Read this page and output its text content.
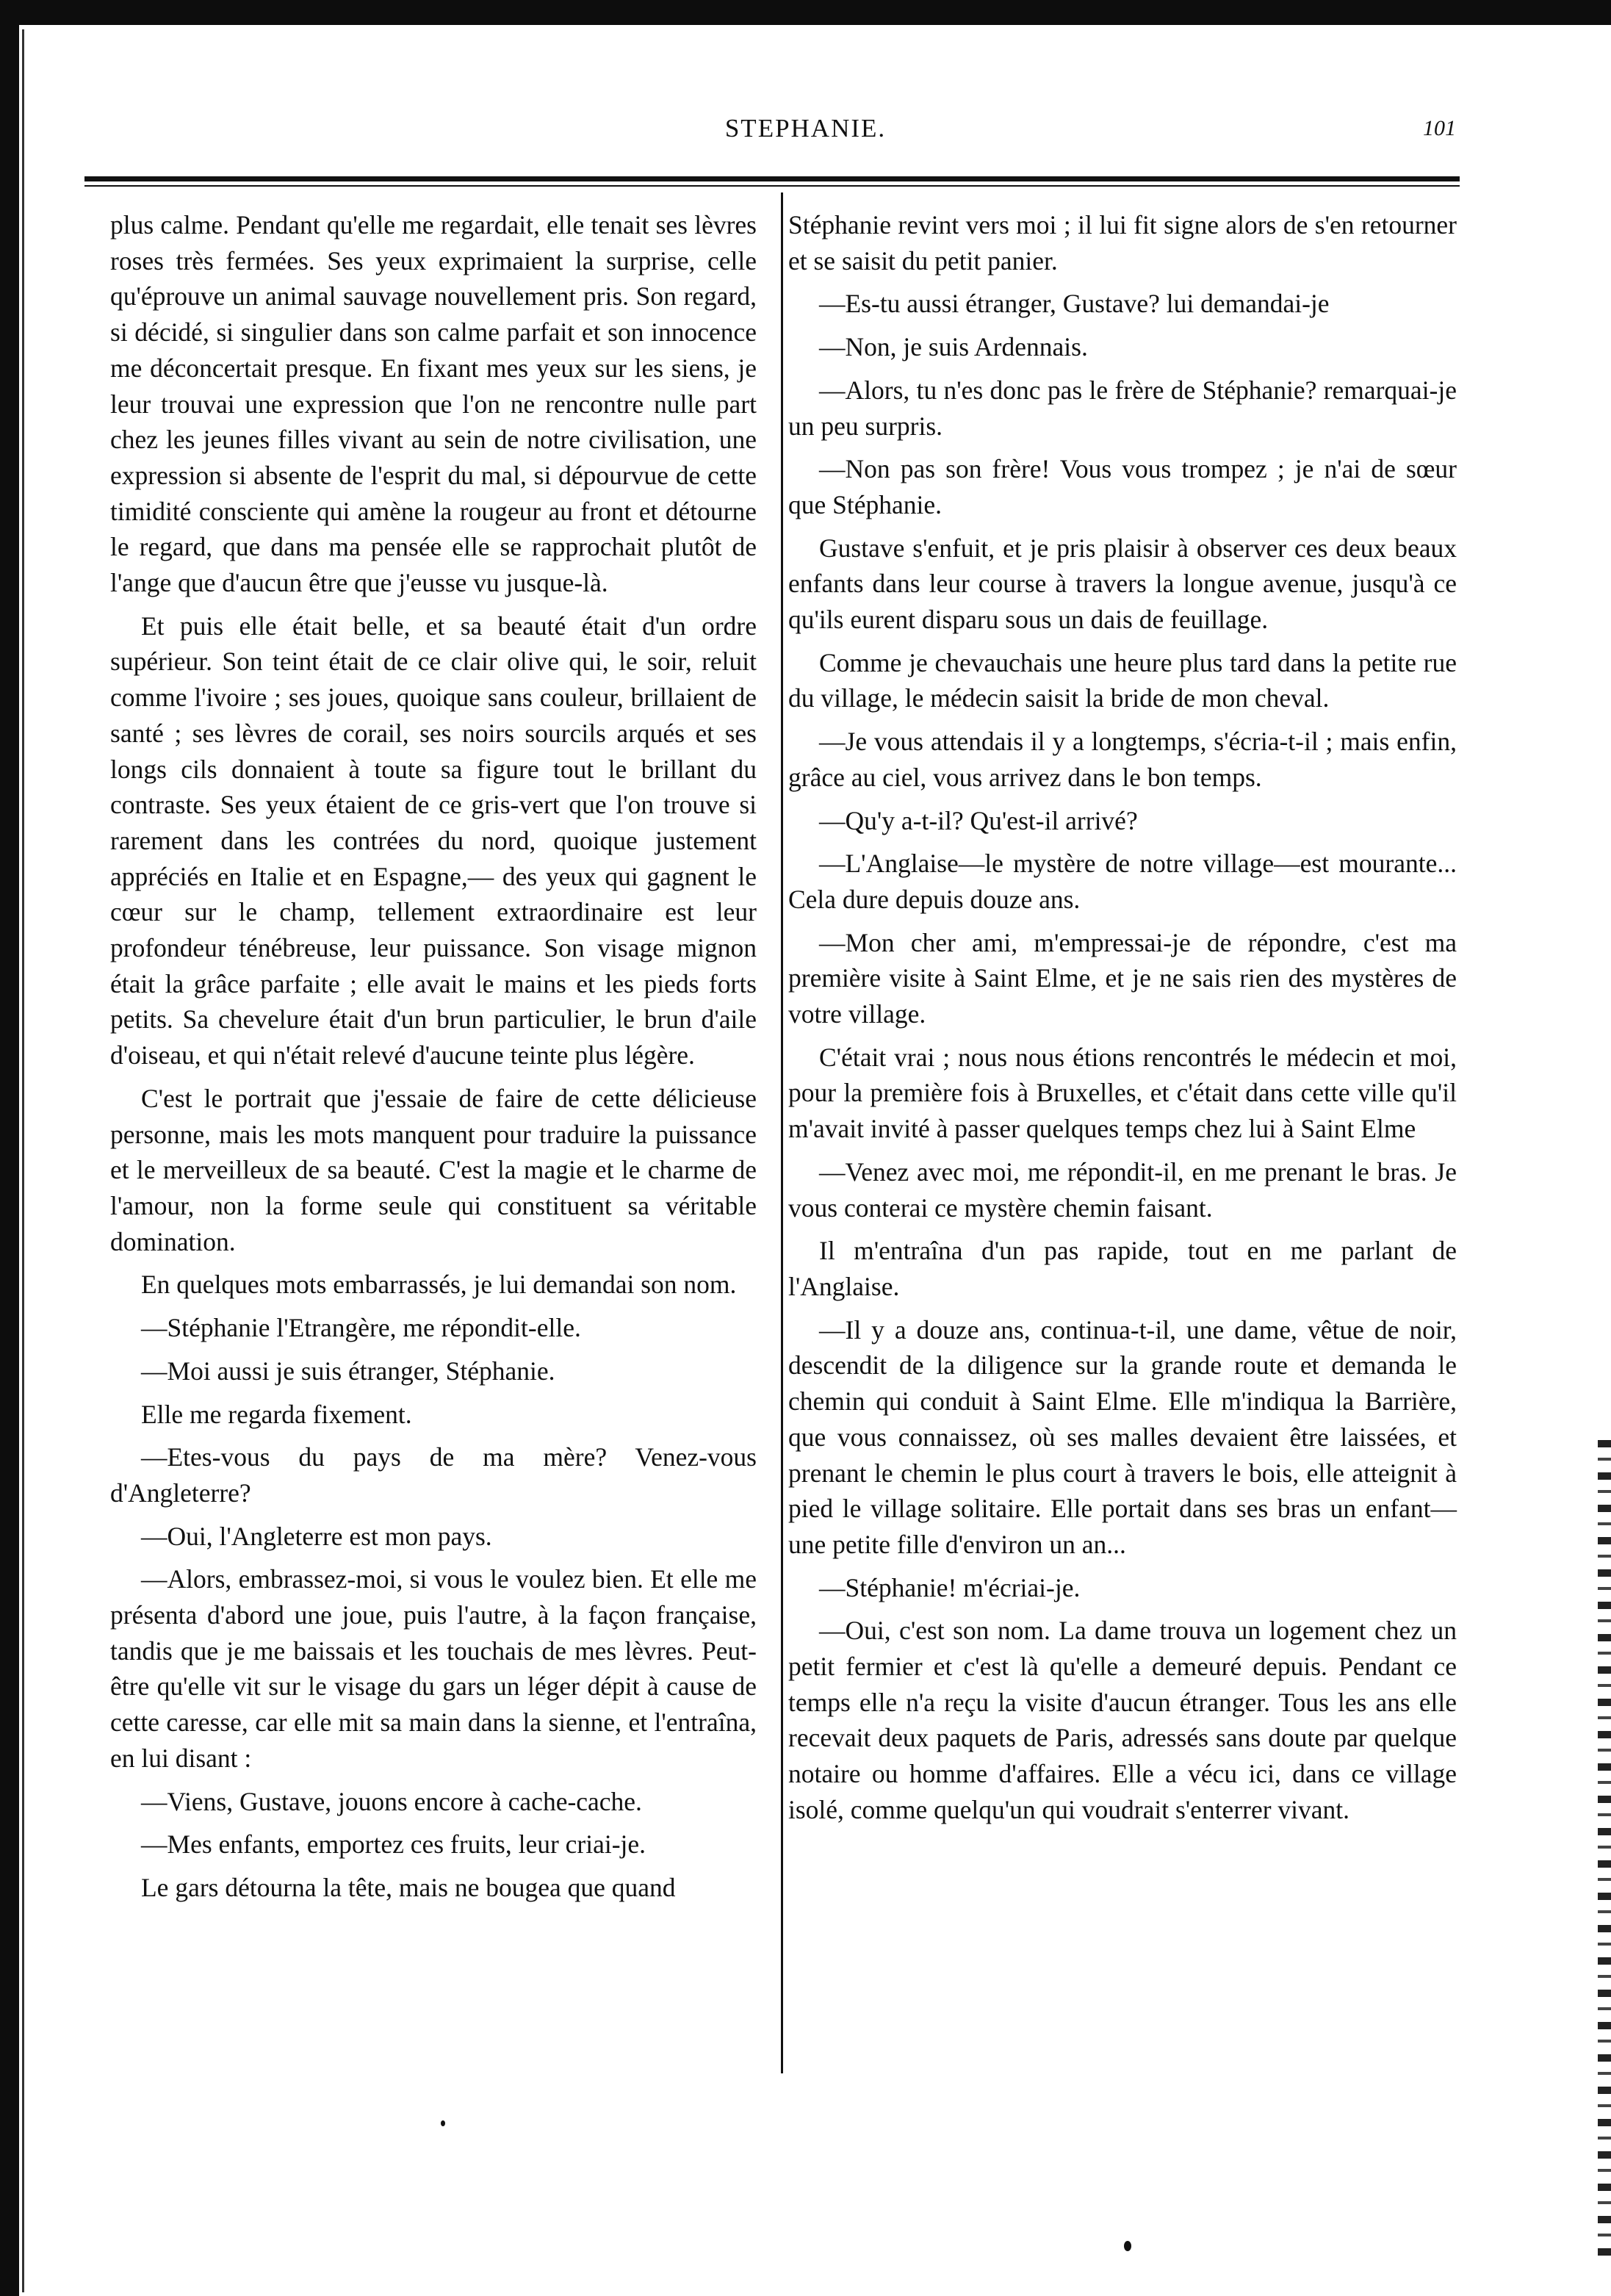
STEPHANIE.	101

plus calme. Pendant qu'elle me regardait, elle tenait ses lèvres roses très fermées. Ses yeux exprimaient la surprise, celle qu'éprouve un animal sauvage nouvellement pris. Son regard, si décidé, si singulier dans son calme parfait et son innocence me déconcertait presque. En fixant mes yeux sur les siens, je leur trouvai une expression que l'on ne rencontre nulle part chez les jeunes filles vivant au sein de notre civilisation, une expression si absente de l'esprit du mal, si dépourvue de cette timidité consciente qui amène la rougeur au front et détourne le regard, que dans ma pensée elle se rapprochait plutôt de l'ange que d'aucun être que j'eusse vu jusque-là.

Et puis elle était belle, et sa beauté était d'un ordre supérieur. Son teint était de ce clair olive qui, le soir, reluit comme l'ivoire ; ses joues, quoique sans couleur, brillaient de santé ; ses lèvres de corail, ses noirs sourcils arqués et ses longs cils donnaient à toute sa figure tout le brillant du contraste. Ses yeux étaient de ce gris-vert que l'on trouve si rarement dans les contrées du nord, quoique justement appréciés en Italie et en Espagne,— des yeux qui gagnent le cœur sur le champ, tellement extraordinaire est leur profondeur ténébreuse, leur puissance. Son visage mignon était la grâce parfaite ; elle avait le mains et les pieds forts petits. Sa chevelure était d'un brun particulier, le brun d'aile d'oiseau, et qui n'était relevé d'aucune teinte plus légère.

C'est le portrait que j'essaie de faire de cette délicieuse personne, mais les mots manquent pour traduire la puissance et le merveilleux de sa beauté. C'est la magie et le charme de l'amour, non la forme seule qui constituent sa véritable domination.

En quelques mots embarrassés, je lui demandai son nom.

—Stéphanie l'Etrangère, me répondit-elle.

—Moi aussi je suis étranger, Stéphanie.

Elle me regarda fixement.

—Etes-vous du pays de ma mère? Venez-vous d'Angleterre?

—Oui, l'Angleterre est mon pays.

—Alors, embrassez-moi, si vous le voulez bien. Et elle me présenta d'abord une joue, puis l'autre, à la façon française, tandis que je me baissais et les touchais de mes lèvres. Peut-être qu'elle vit sur le visage du gars un léger dépit à cause de cette caresse, car elle mit sa main dans la sienne, et l'entraîna, en lui disant :

—Viens, Gustave, jouons encore à cache-cache.

—Mes enfants, emportez ces fruits, leur criai-je.

Le gars détourna la tête, mais ne bougea que quand

Stéphanie revint vers moi ; il lui fit signe alors de s'en retourner et se saisit du petit panier.

—Es-tu aussi étranger, Gustave? lui demandai-je

—Non, je suis Ardennais.

—Alors, tu n'es donc pas le frère de Stéphanie? remarquai-je un peu surpris.

—Non pas son frère! Vous vous trompez ; je n'ai de sœur que Stéphanie.

Gustave s'enfuit, et je pris plaisir à observer ces deux beaux enfants dans leur course à travers la longue avenue, jusqu'à ce qu'ils eurent disparu sous un dais de feuillage.

Comme je chevauchais une heure plus tard dans la petite rue du village, le médecin saisit la bride de mon cheval.

—Je vous attendais il y a longtemps, s'écria-t-il ; mais enfin, grâce au ciel, vous arrivez dans le bon temps.

—Qu'y a-t-il? Qu'est-il arrivé?

—L'Anglaise—le mystère de notre village—est mourante... Cela dure depuis douze ans.

—Mon cher ami, m'empressai-je de répondre, c'est ma première visite à Saint Elme, et je ne sais rien des mystères de votre village.

C'était vrai ; nous nous étions rencontrés le médecin et moi, pour la première fois à Bruxelles, et c'était dans cette ville qu'il m'avait invité à passer quelques temps chez lui à Saint Elme

—Venez avec moi, me répondit-il, en me prenant le bras. Je vous conterai ce mystère chemin faisant.

Il m'entraîna d'un pas rapide, tout en me parlant de l'Anglaise.

—Il y a douze ans, continua-t-il, une dame, vêtue de noir, descendit de la diligence sur la grande route et demanda le chemin qui conduit à Saint Elme. Elle m'indiqua la Barrière, que vous connaissez, où ses malles devaient être laissées, et prenant le chemin le plus court à travers le bois, elle atteignit à pied le village solitaire. Elle portait dans ses bras un enfant—une petite fille d'environ un an...

—Stéphanie! m'écriai-je.

—Oui, c'est son nom. La dame trouva un logement chez un petit fermier et c'est là qu'elle a demeuré depuis. Pendant ce temps elle n'a reçu la visite d'aucun étranger. Tous les ans elle recevait deux paquets de Paris, adressés sans doute par quelque notaire ou homme d'affaires. Elle a vécu ici, dans ce village isolé, comme quelqu'un qui voudrait s'enterrer vivant.
